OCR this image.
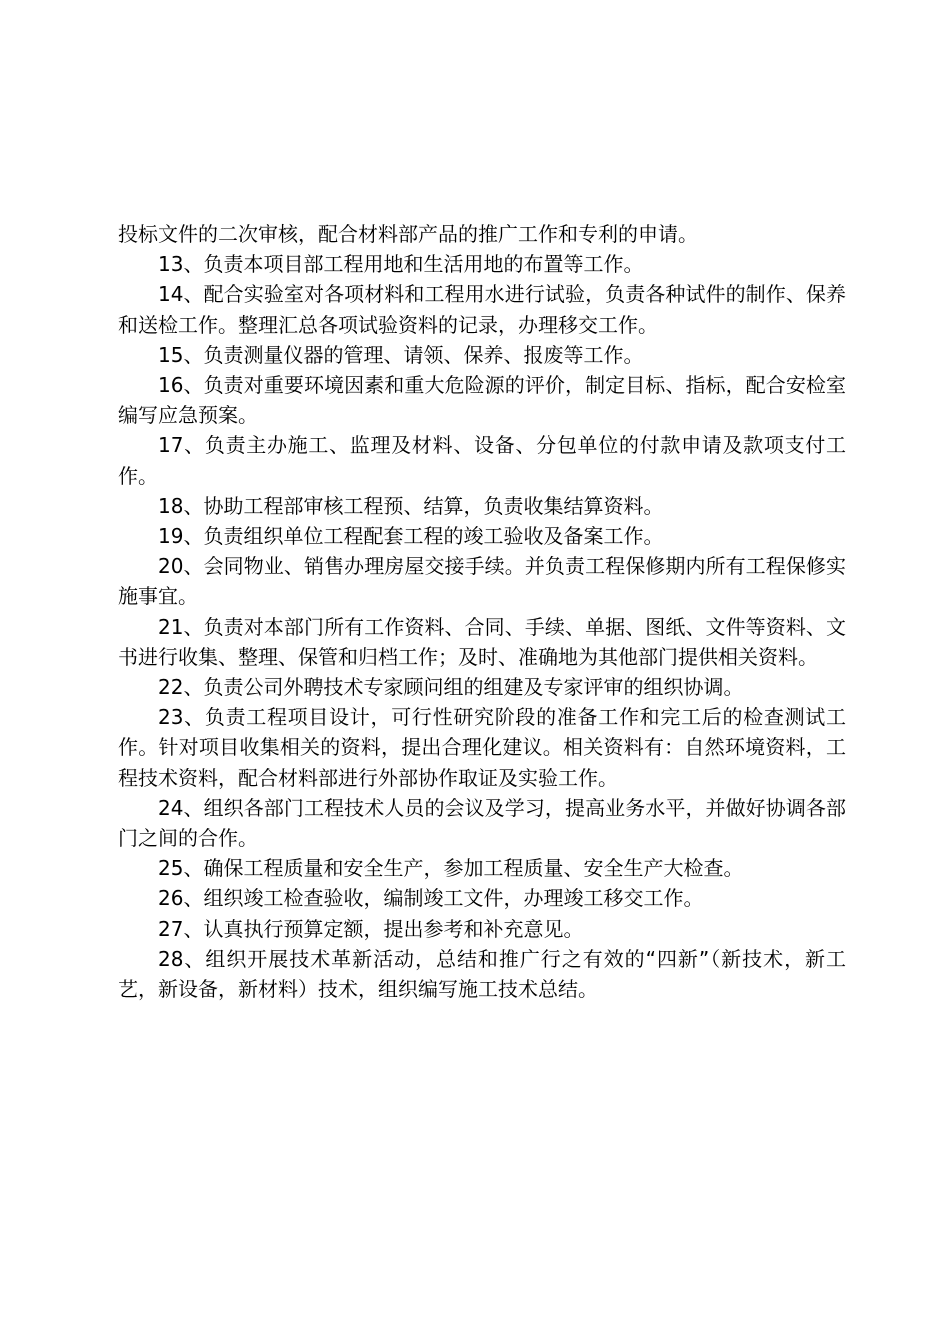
投标文件的二次审核，配合材料部产品的推广工作和专利的申请。

13、负责本项目部工程用地和生活用地的布置等工作。

14、配合实验室对各项材料和工程用水进行试验，负责各种试件的制作、保养和送检工作。整理汇总各项试验资料的记录，办理移交工作。

15、负责测量仪器的管理、请领、保养、报废等工作。

16、负责对重要环境因素和重大危险源的评价，制定目标、指标，配合安检室编写应急预案。

17、负责主办施工、监理及材料、设备、分包单位的付款申请及款项支付工作。

18、协助工程部审核工程预、结算，负责收集结算资料。

19、负责组织单位工程配套工程的竣工验收及备案工作。

20、会同物业、销售办理房屋交接手续。并负责工程保修期内所有工程保修实施事宜。

21、负责对本部门所有工作资料、合同、手续、单据、图纸、文件等资料、文书进行收集、整理、保管和归档工作；及时、准确地为其他部门提供相关资料。

22、负责公司外聘技术专家顾问组的组建及专家评审的组织协调。

23、负责工程项目设计，可行性研究阶段的准备工作和完工后的检查测试工作。针对项目收集相关的资料，提出合理化建议。相关资料有：自然环境资料，工程技术资料，配合材料部进行外部协作取证及实验工作。

24、组织各部门工程技术人员的会议及学习，提高业务水平，并做好协调各部门之间的合作。

25、确保工程质量和安全生产，参加工程质量、安全生产大检查。

26、组织竣工检查验收，编制竣工文件，办理竣工移交工作。

27、认真执行预算定额，提出参考和补充意见。

28、组织开展技术革新活动，总结和推广行之有效的“四新”（新技术，新工艺，新设备，新材料）技术，组织编写施工技术总结。
